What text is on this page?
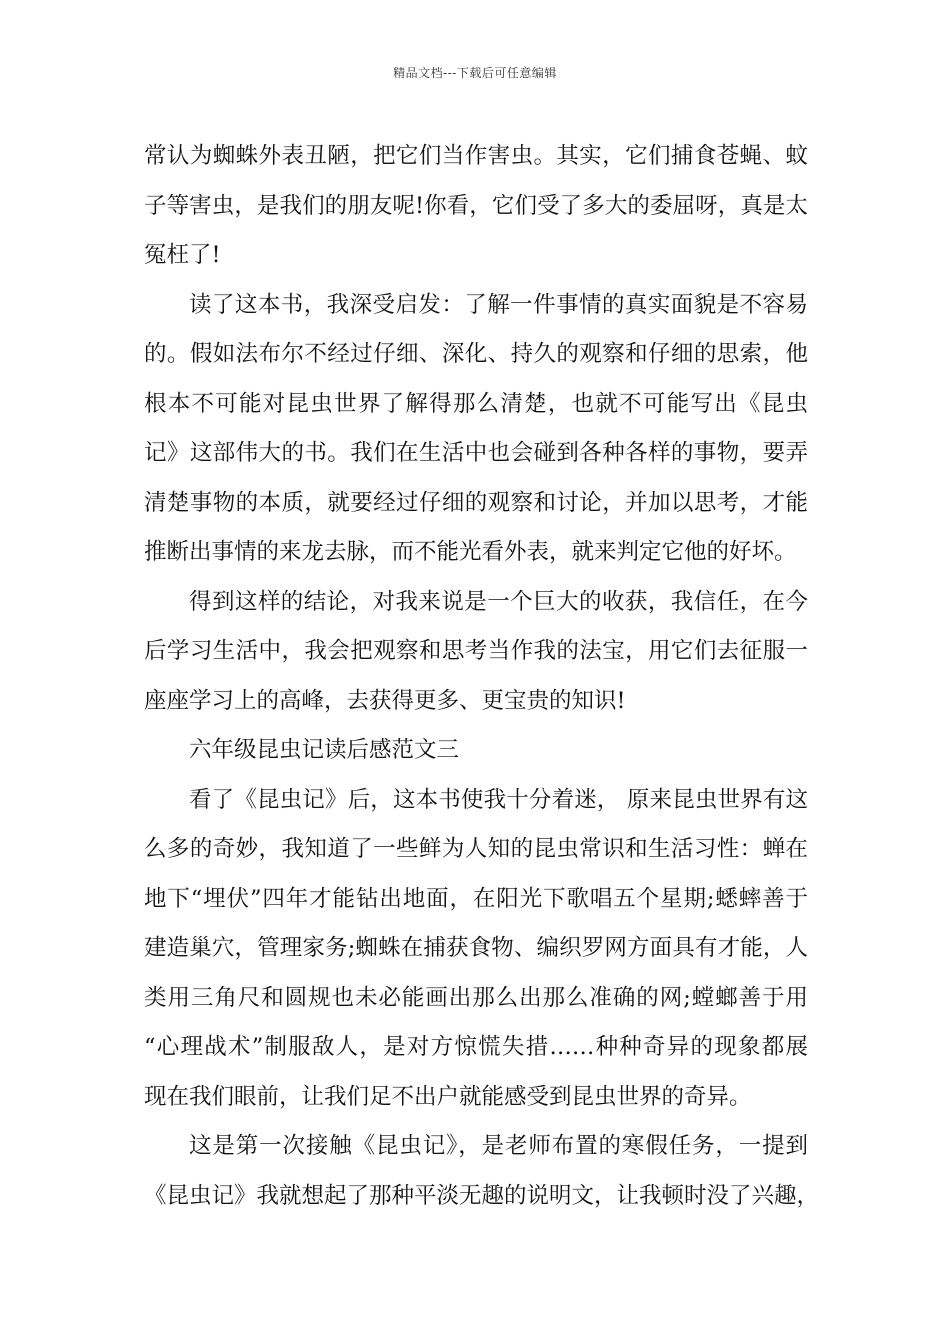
精品文档---下载后可任意编辑
常认为蜘蛛外表丑陋，把它们当作害虫。其实，它们捕食苍蝇、蚊
子等害虫，是我们的朋友呢!你看，它们受了多大的委屈呀，真是太
冤枉了!
读了这本书，我深受启发：了解一件事情的真实面貌是不容易
的。假如法布尔不经过仔细、深化、持久的观察和仔细的思索，他
根本不可能对昆虫世界了解得那么清楚，也就不可能写出《昆虫
记》这部伟大的书。我们在生活中也会碰到各种各样的事物，要弄
清楚事物的本质，就要经过仔细的观察和讨论，并加以思考，才能
推断出事情的来龙去脉，而不能光看外表，就来判定它他的好坏。
得到这样的结论，对我来说是一个巨大的收获，我信任，在今
后学习生活中，我会把观察和思考当作我的法宝，用它们去征服一
座座学习上的高峰，去获得更多、更宝贵的知识!
六年级昆虫记读后感范文三
看了《昆虫记》后，这本书使我十分着迷， 原来昆虫世界有这
么多的奇妙，我知道了一些鲜为人知的昆虫常识和生活习性：蝉在
地下“埋伏”四年才能钻出地面，在阳光下歌唱五个星期;蟋蟀善于
建造巢穴，管理家务;蜘蛛在捕获食物、编织罗网方面具有才能，人
类用三角尺和圆规也未必能画出那么出那么准确的网;螳螂善于用
“心理战术”制服敌人，是对方惊慌失措……种种奇异的现象都展
现在我们眼前，让我们足不出户就能感受到昆虫世界的奇异。
这是第一次接触《昆虫记》，是老师布置的寒假任务，一提到
《昆虫记》我就想起了那种平淡无趣的说明文，让我顿时没了兴趣，
